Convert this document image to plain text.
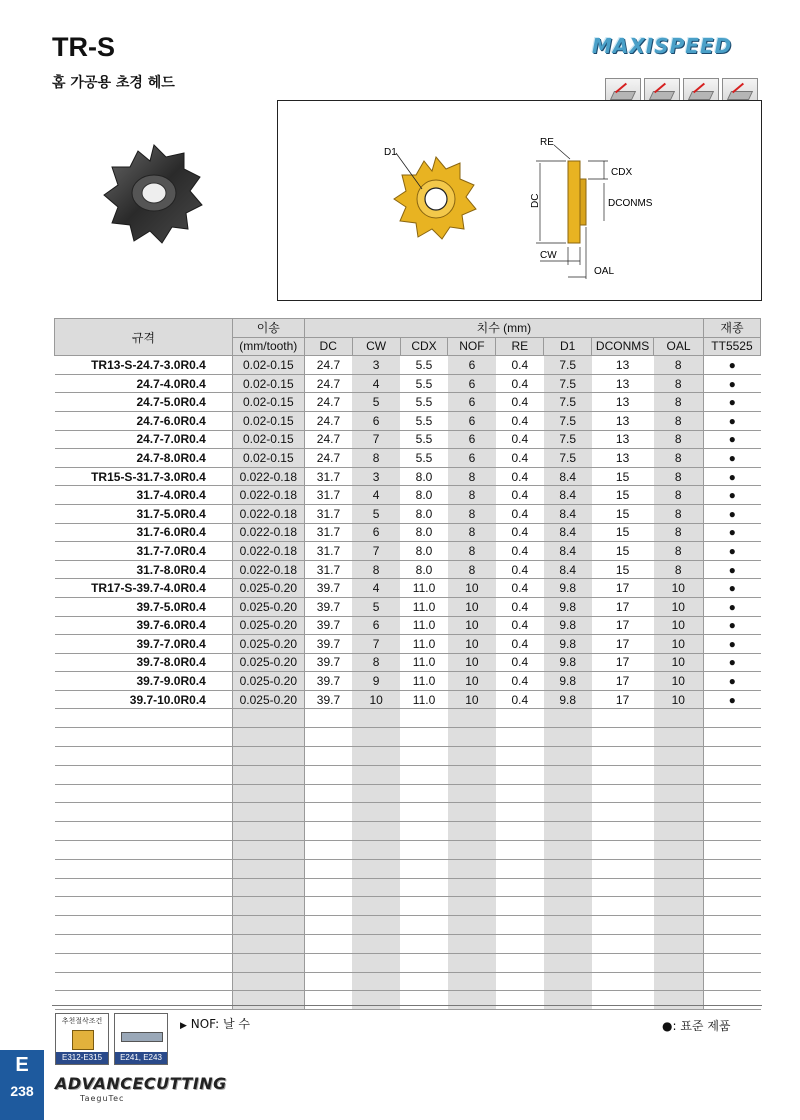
TR-S
홈 가공용 초경 헤드
MAXISPEED
D1
DC
CDX
DCONMS
RE
CW
OAL
규격	이송	치수 (mm)								재종
	(mm/tooth)	DC	CW	CDX	NOF	RE	D1	DCONMS	OAL	TT5525
TR13-S-24.7-3.0R0.4	0.02-0.15	24.7	3	5.5	6	0.4	7.5	13	8	●
24.7-4.0R0.4	0.02-0.15	24.7	4	5.5	6	0.4	7.5	13	8	●
24.7-5.0R0.4	0.02-0.15	24.7	5	5.5	6	0.4	7.5	13	8	●
24.7-6.0R0.4	0.02-0.15	24.7	6	5.5	6	0.4	7.5	13	8	●
24.7-7.0R0.4	0.02-0.15	24.7	7	5.5	6	0.4	7.5	13	8	●
24.7-8.0R0.4	0.02-0.15	24.7	8	5.5	6	0.4	7.5	13	8	●
TR15-S-31.7-3.0R0.4	0.022-0.18	31.7	3	8.0	8	0.4	8.4	15	8	●
31.7-4.0R0.4	0.022-0.18	31.7	4	8.0	8	0.4	8.4	15	8	●
31.7-5.0R0.4	0.022-0.18	31.7	5	8.0	8	0.4	8.4	15	8	●
31.7-6.0R0.4	0.022-0.18	31.7	6	8.0	8	0.4	8.4	15	8	●
31.7-7.0R0.4	0.022-0.18	31.7	7	8.0	8	0.4	8.4	15	8	●
31.7-8.0R0.4	0.022-0.18	31.7	8	8.0	8	0.4	8.4	15	8	●
TR17-S-39.7-4.0R0.4	0.025-0.20	39.7	4	11.0	10	0.4	9.8	17	10	●
39.7-5.0R0.4	0.025-0.20	39.7	5	11.0	10	0.4	9.8	17	10	●
39.7-6.0R0.4	0.025-0.20	39.7	6	11.0	10	0.4	9.8	17	10	●
39.7-7.0R0.4	0.025-0.20	39.7	7	11.0	10	0.4	9.8	17	10	●
39.7-8.0R0.4	0.025-0.20	39.7	8	11.0	10	0.4	9.8	17	10	●
39.7-9.0R0.4	0.025-0.20	39.7	9	11.0	10	0.4	9.8	17	10	●
39.7-10.0R0.4	0.025-0.20	39.7	10	11.0	10	0.4	9.8	17	10	●

추천절삭조건
E312-E315	E241, E243
▶ NOF: 날 수	●: 표준 제품
E
238	ADVANCECUTTING
TaeguTec
